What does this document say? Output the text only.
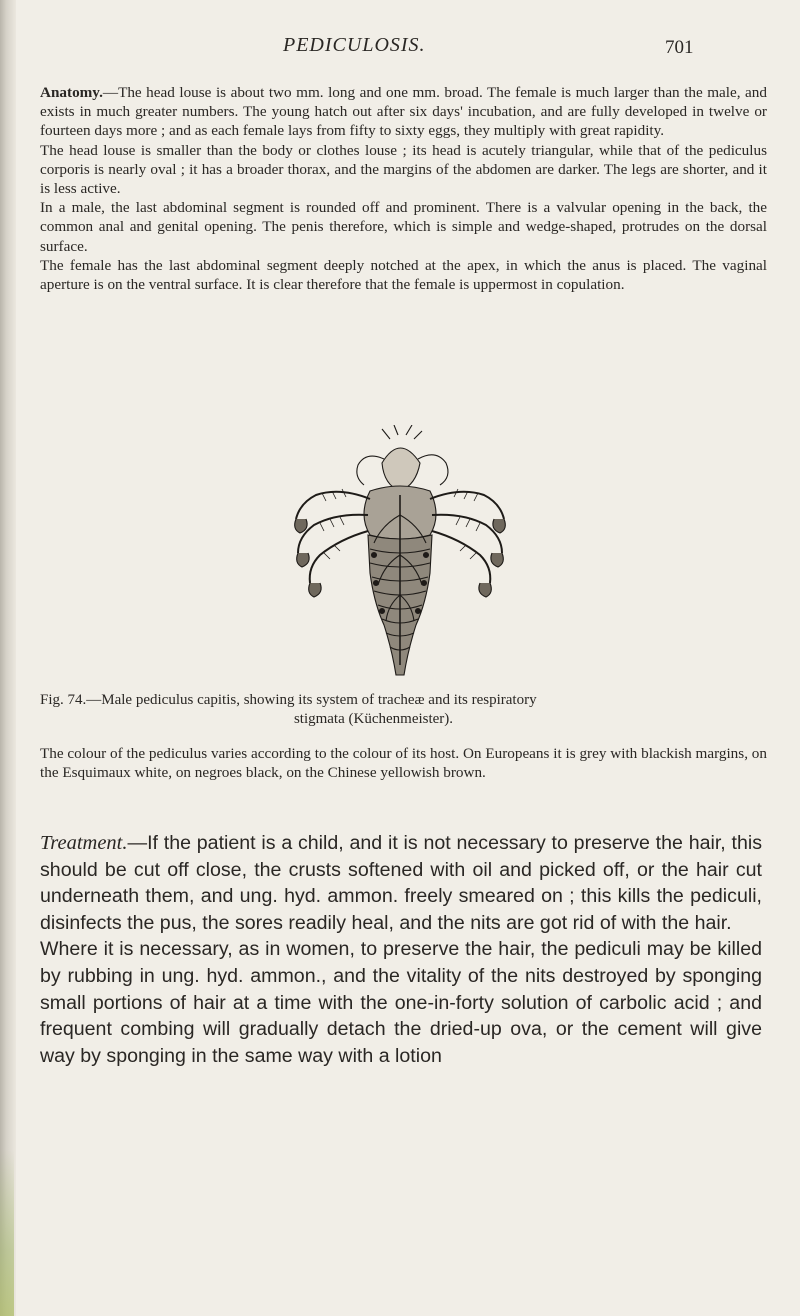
PEDICULOSIS.	701

Anatomy.—The head louse is about two mm. long and one mm. broad. The female is much larger than the male, and exists in much greater numbers. The young hatch out after six days' incubation, and are fully developed in twelve or fourteen days more ; and as each female lays from fifty to sixty eggs, they multiply with great rapidity.

The head louse is smaller than the body or clothes louse ; its head is acutely triangular, while that of the pediculus corporis is nearly oval ; it has a broader thorax, and the margins of the abdomen are darker. The legs are shorter, and it is less active.

In a male, the last abdominal segment is rounded off and prominent. There is a valvular opening in the back, the common anal and genital opening. The penis therefore, which is simple and wedge-shaped, protrudes on the dorsal surface.

The female has the last abdominal segment deeply notched at the apex, in which the anus is placed. The vaginal aperture is on the ventral surface. It is clear therefore that the female is uppermost in copulation.

Fig. 74.—Male pediculus capitis, showing its system of tracheæ and its respiratory
stigmata (Küchenmeister).

The colour of the pediculus varies according to the colour of its host. On Europeans it is grey with blackish margins, on the Esquimaux white, on negroes black, on the Chinese yellowish brown.

Treatment.—If the patient is a child, and it is not necessary to preserve the hair, this should be cut off close, the crusts softened with oil and picked off, or the hair cut underneath them, and ung. hyd. ammon. freely smeared on ; this kills the pediculi, disinfects the pus, the sores readily heal, and the nits are got rid of with the hair.

Where it is necessary, as in women, to preserve the hair, the pediculi may be killed by rubbing in ung. hyd. ammon., and the vitality of the nits destroyed by sponging small portions of hair at a time with the one-in-forty solution of carbolic acid ; and frequent combing will gradually detach the dried-up ova, or the cement will give way by sponging in the same way with a lotion
